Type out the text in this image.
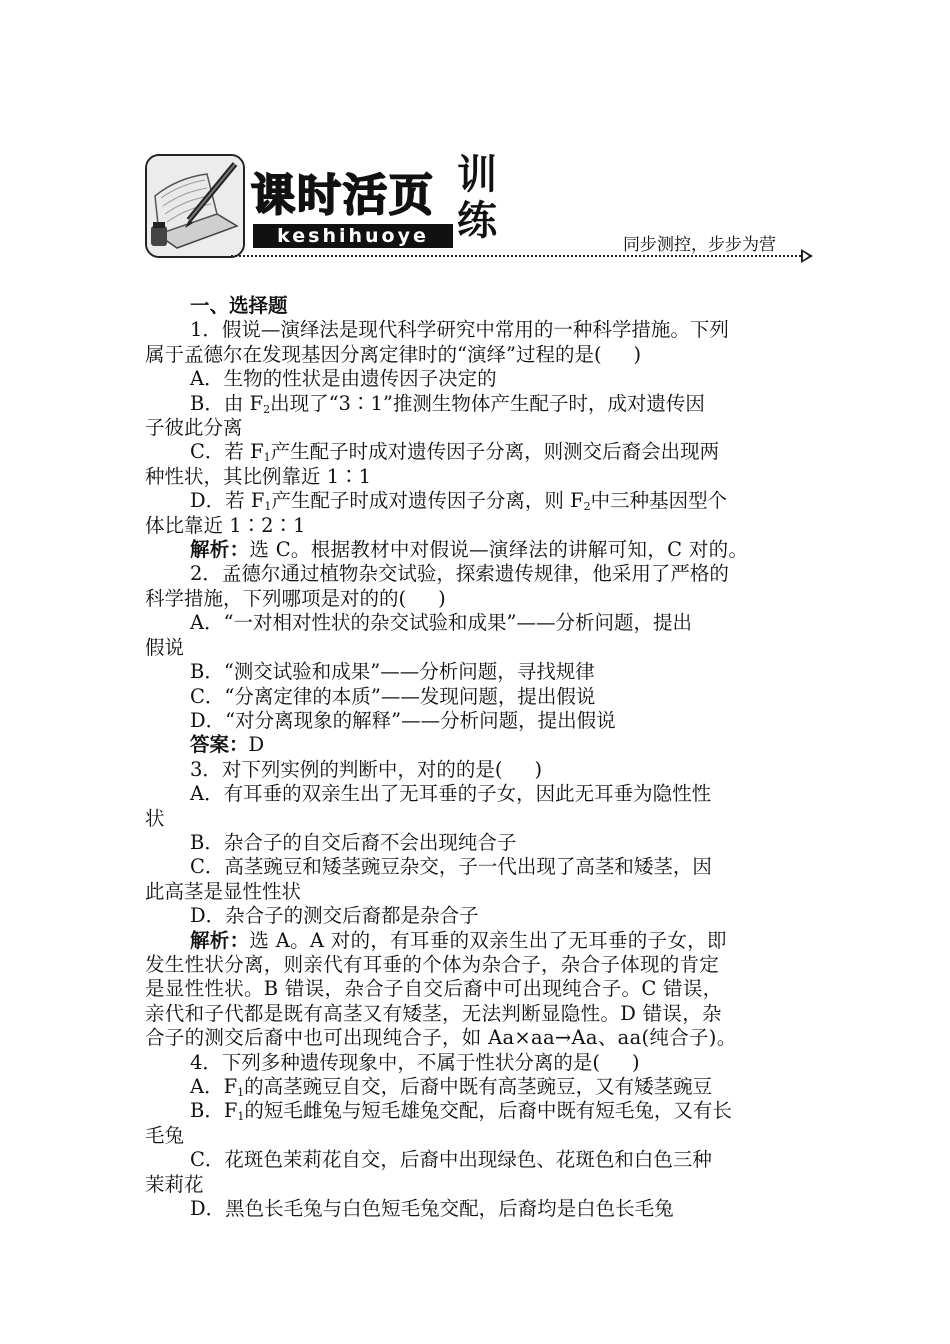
课时活页
keshihuoye
训练
同步测控，步步为营

一、选择题

1．假说—演绎法是现代科学研究中常用的一种科学措施。下列

属于孟德尔在发现基因分离定律时的“演绎”过程的是( )

A．生物的性状是由遗传因子决定的

B．由 $F_2$出现了“3∶1”推测生物体产生配子时，成对遗传因

子彼此分离

C．若 $F_1$产生配子时成对遗传因子分离，则测交后裔会出现两

种性状，其比例靠近 1∶1

D．若 $F_1$产生配子时成对遗传因子分离，则 $F_2$中三种基因型个

体比靠近 1∶2∶1

解析：选 C。根据教材中对假说—演绎法的讲解可知，C 对的。

2．孟德尔通过植物杂交试验，探索遗传规律，他采用了严格的

科学措施，下列哪项是对的的( )

A．“一对相对性状的杂交试验和成果”——分析问题，提出

假说

B．“测交试验和成果”——分析问题，寻找规律

C．“分离定律的本质”——发现问题，提出假说

D．“对分离现象的解释”——分析问题，提出假说

答案：D

3．对下列实例的判断中，对的的是( )

A．有耳垂的双亲生出了无耳垂的子女，因此无耳垂为隐性性

状

B．杂合子的自交后裔不会出现纯合子

C．高茎豌豆和矮茎豌豆杂交，子一代出现了高茎和矮茎，因

此高茎是显性性状

D．杂合子的测交后裔都是杂合子

解析：选 A。A 对的，有耳垂的双亲生出了无耳垂的子女，即

发生性状分离，则亲代有耳垂的个体为杂合子，杂合子体现的肯定

是显性性状。B 错误，杂合子自交后裔中可出现纯合子。C 错误，

亲代和子代都是既有高茎又有矮茎，无法判断显隐性。D 错误，杂

合子的测交后裔中也可出现纯合子，如 Aa×aa→Aa、aa(纯合子)。

4．下列多种遗传现象中，不属于性状分离的是( )

A．$F_1$的高茎豌豆自交，后裔中既有高茎豌豆，又有矮茎豌豆

B．$F_1$的短毛雌兔与短毛雄兔交配，后裔中既有短毛兔，又有长

毛兔

C．花斑色茉莉花自交，后裔中出现绿色、花斑色和白色三种

茉莉花

D．黑色长毛兔与白色短毛兔交配，后裔均是白色长毛兔
